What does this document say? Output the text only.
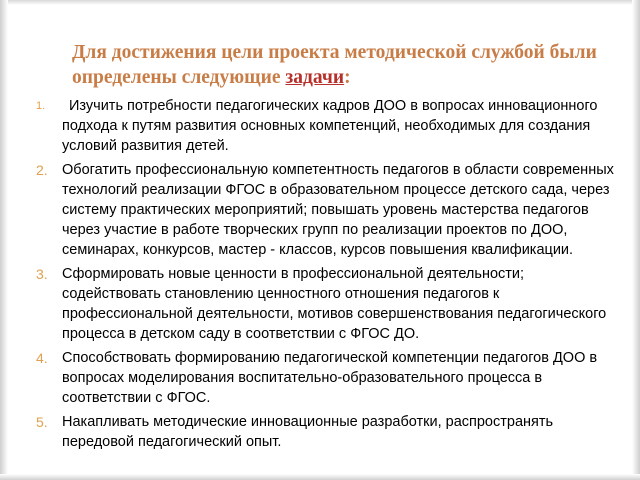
Для достижения цели проекта методической службой были определены следующие задачи:
1.	Изучить потребности педагогических кадров ДОО в вопросах инновационного подхода к путям развития основных компетенций, необходимых для создания условий развития детей.
2. Обогатить профессиональную компетентность педагогов в области современных технологий реализации ФГОС в образовательном процессе детского сада, через систему практических мероприятий; повышать уровень мастерства педагогов через участие в работе творческих групп по реализации проектов по ДОО, семинарах, конкурсов, мастер - классов, курсов повышения квалификации.
3. Сформировать новые ценности в профессиональной деятельности; содействовать становлению ценностного отношения педагогов к профессиональной деятельности, мотивов совершенствования педагогического процесса в детском саду в соответствии с ФГОС ДО.
4. Способствовать формированию педагогической компетенции педагогов ДОО в вопросах моделирования воспитательно-образовательного процесса в соответствии с ФГОС.
5. Накапливать методические инновационные разработки, распространять передовой педагогический опыт.
